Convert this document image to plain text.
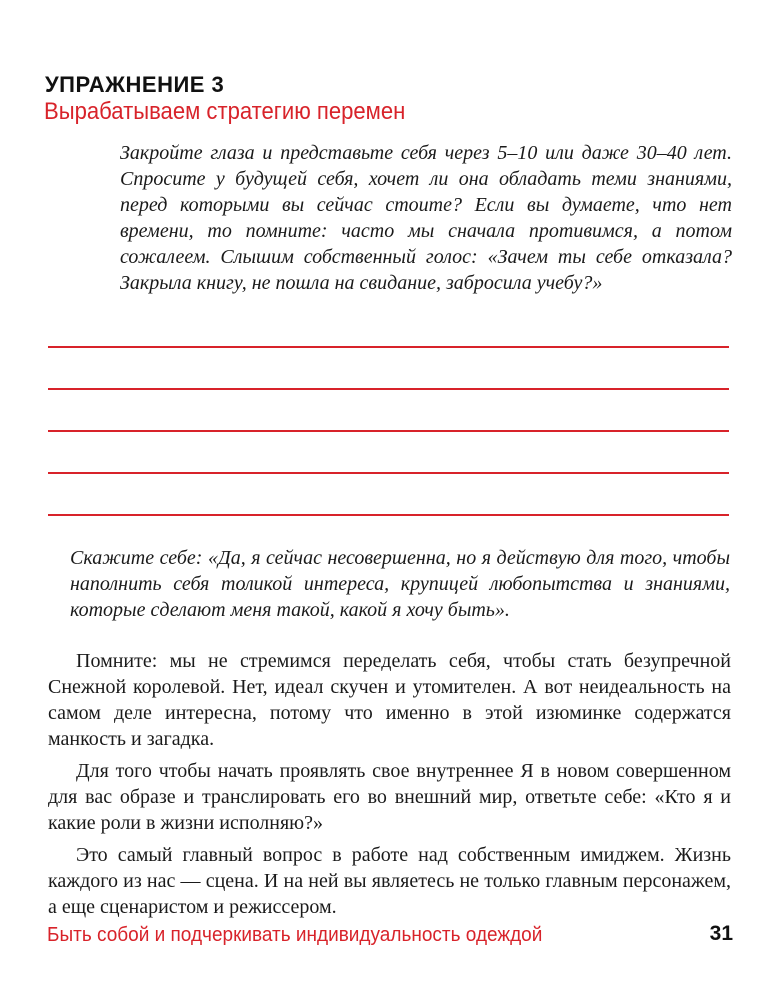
УПРАЖНЕНИЕ 3
Вырабатываем стратегию перемен

Закройте глаза и представьте себя через 5–10 или даже 30–40 лет. Спросите у будущей себя, хочет ли она обладать теми знаниями, перед которыми вы сейчас стоите? Если вы думаете, что нет времени, то помните: часто мы сначала противимся, а потом сожалеем. Слышим собственный голос: «Зачем ты себе отказала? Закрыла книгу, не пошла на свидание, забросила учебу?»

Скажите себе: «Да, я сейчас несовершенна, но я действую для того, чтобы наполнить себя толикой интереса, крупицей любопытства и знаниями, которые сделают меня такой, какой я хочу быть».

Помните: мы не стремимся переделать себя, чтобы стать безупречной Снежной королевой. Нет, идеал скучен и утомителен. А вот неидеальность на самом деле интересна, потому что именно в этой изюминке содержатся манкость и загадка.

Для того чтобы начать проявлять свое внутреннее Я в новом совершенном для вас образе и транслировать его во внешний мир, ответьте себе: «Кто я и какие роли в жизни исполняю?»

Это самый главный вопрос в работе над собственным имиджем. Жизнь каждого из нас — сцена. И на ней вы являетесь не только главным персонажем, а еще сценаристом и режиссером.

Быть собой и подчеркивать индивидуальность одеждой	31
